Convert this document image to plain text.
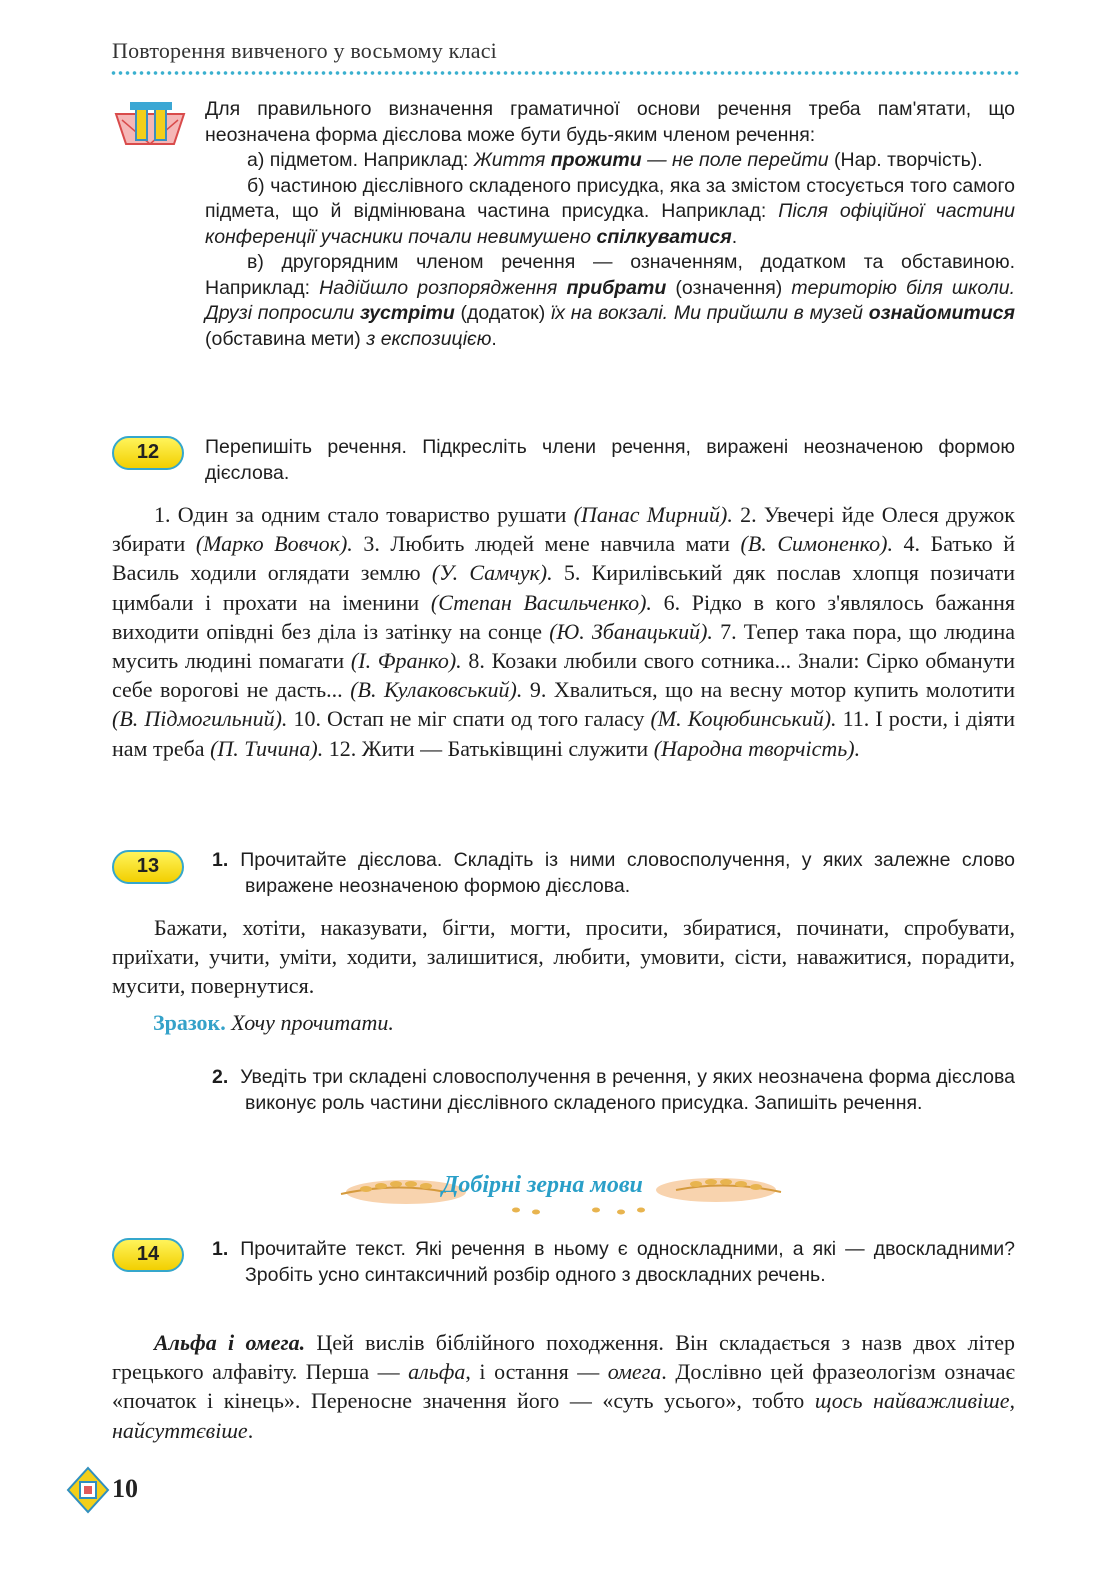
Повторення вивченого у восьмому класі

Для правильного визначення граматичної основи речення треба пам'ятати, що неозначена форма дієслова може бути будь-яким членом речення:

а) підметом. Наприклад: Життя прожити — не поле перейти (Нар. творчість).

б) частиною дієслівного складеного присудка, яка за змістом стосується того самого підмета, що й відмінювана частина присудка. Наприклад: Після офіційної частини конференції учасники почали невимушено спілкуватися.

в) другорядним членом речення — означенням, додатком та обставиною. Наприклад: Надійшло розпорядження прибрати (означення) територію біля школи. Друзі попросили зустріти (додаток) їх на вокзалі. Ми прийшли в музей ознайомитися (обставина мети) з експозицією.

12	Перепишіть речення. Підкресліть члени речення, виражені неозначеною формою дієслова.

1. Один за одним стало товариство рушати (Панас Мирний). 2. Увечері йде Олеся дружок збирати (Марко Вовчок). 3. Любить людей мене навчила мати (В. Симоненко). 4. Батько й Василь ходили оглядати землю (У. Самчук). 5. Кирилівський дяк послав хлопця позичати цимбали і прохати на іменини (Степан Васильченко). 6. Рідко в кого з'являлось бажання виходити опівдні без діла із затінку на сонце (Ю. Збанацький). 7. Тепер така пора, що людина мусить людині помагати (І. Франко). 8. Козаки любили свого сотника... Знали: Сірко обманути себе ворогові не дасть... (В. Кулаковський). 9. Хвалиться, що на весну мотор купить молотити (В. Підмогильний). 10. Остап не міг спати од того галасу (М. Коцюбинський). 11. І рости, і діяти нам треба (П. Тичина). 12. Жити — Батьківщині служити (Народна творчість).

13	1. Прочитайте дієслова. Складіть із ними словосполучення, у яких залежне слово виражене неозначеною формою дієслова.

Бажати, хотіти, наказувати, бігти, могти, просити, збиратися, починати, спробувати, приїхати, учити, уміти, ходити, залишитися, любити, умовити, сісти, наважитися, порадити, мусити, повернутися.

Зразок. Хочу прочитати.

2. Уведіть три складені словосполучення в речення, у яких неозначена форма дієслова виконує роль частини дієслівного складеного присудка. Запишіть речення.

Добірні зерна мови
14	1. Прочитайте текст. Які речення в ньому є односкладними, а які — двоскладними? Зробіть усно синтаксичний розбір одного з двоскладних речень.

Альфа і омега. Цей вислів біблійного походження. Він складається з назв двох літер грецького алфавіту. Перша — альфа, і остання — омега. Дослівно цей фразеологізм означає «початок і кінець». Переносне значення його — «суть усього», тобто щось найважливіше, найсуттєвіше.

10
